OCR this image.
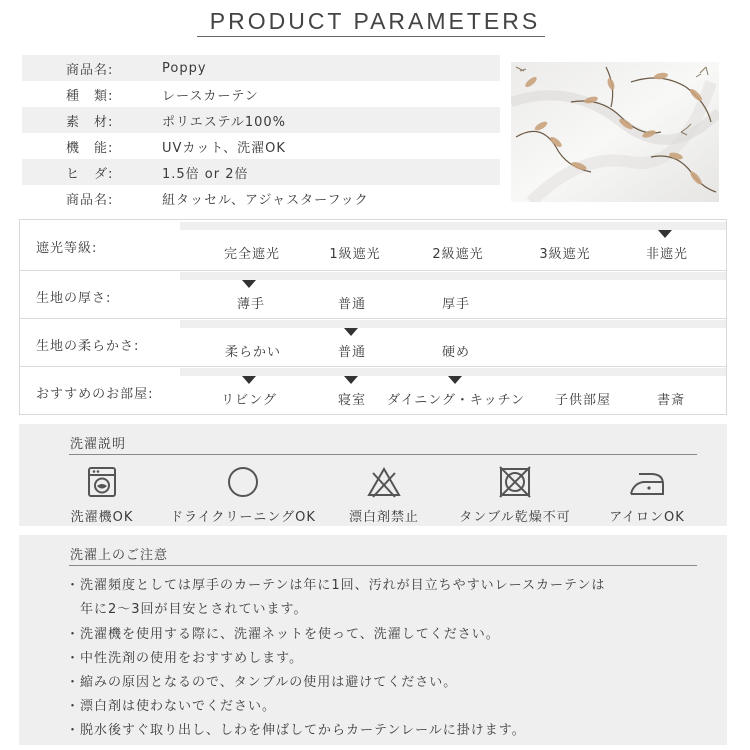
PRODUCT PARAMETERS
商品名:	Poppy
種　類:	レースカーテン
素　材:	ポリエステル100%
機　能:	UVカット、洗濯OK
ヒ　ダ:	1.5倍 or 2倍
商品名:	紐タッセル、アジャスターフック
遮光等級:	完全遮光	1級遮光	2級遮光	3級遮光	非遮光
生地の厚さ:	薄手	普通	厚手
生地の柔らかさ:	柔らかい	普通	硬め
おすすめのお部屋:	リビング	寝室 ダイニング・キッチン 子供部屋	書斎
洗濯説明
洗濯機OK	ドライクリーニングOK	漂白剤禁止	タンブル乾燥不可	アイロンOK
洗濯上のご注意
・洗濯頻度としては厚手のカーテンは年に1回、汚れが目立ちやすいレースカーテンは
　年に2～3回が目安とされています。
・洗濯機を使用する際に、洗濯ネットを使って、洗濯してください。
・中性洗剤の使用をおすすめします。
・縮みの原因となるので、タンブルの使用は避けてください。
・漂白剤は使わないでください。
・脱水後すぐ取り出し、しわを伸ばしてからカーテンレールに掛けます。
